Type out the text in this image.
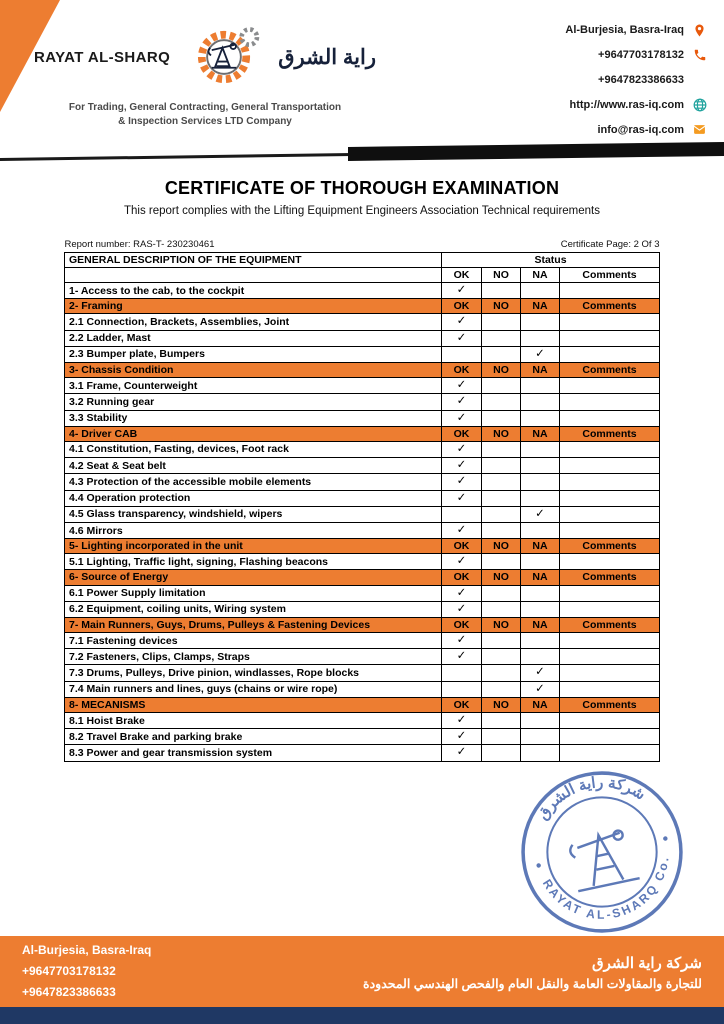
RAYAT AL-SHARQ	راية الشرق
For Trading, General Contracting, General Transportation
& Inspection Services LTD Company
Al-Burjesia, Basra-Iraq
+9647703178132
+9647823386633
http://www.ras-iq.com
info@ras-iq.com
CERTIFICATE OF THOROUGH EXAMINATION
This report complies with the Lifting Equipment Engineers Association Technical requirements
Report number: RAS-T- 230230461	Certificate Page: 2 Of 3
GENERAL DESCRIPTION OF THE EQUIPMENT	Status			
	OK	NO	NA	Comments
1- Access to the cab, to the cockpit	✓			
2- Framing	OK	NO	NA	Comments
2.1 Connection, Brackets, Assemblies, Joint	✓			
2.2 Ladder, Mast	✓			
2.3 Bumper plate, Bumpers			✓	
3- Chassis Condition	OK	NO	NA	Comments
3.1 Frame, Counterweight	✓			
3.2 Running gear	✓			
3.3 Stability	✓			
4- Driver CAB	OK	NO	NA	Comments
4.1 Constitution, Fasting, devices, Foot rack	✓			
4.2 Seat & Seat belt	✓			
4.3 Protection of the accessible mobile elements	✓			
4.4 Operation protection	✓			
4.5 Glass transparency, windshield, wipers			✓	
4.6 Mirrors	✓			
5- Lighting incorporated in the unit	OK	NO	NA	Comments
5.1 Lighting, Traffic light, signing, Flashing beacons	✓			
6- Source of Energy	OK	NO	NA	Comments
6.1 Power Supply limitation	✓			
6.2 Equipment, coiling units, Wiring system	✓			
7- Main Runners, Guys, Drums, Pulleys & Fastening Devices	OK	NO	NA	Comments
7.1 Fastening devices	✓			
7.2 Fasteners, Clips, Clamps, Straps	✓			
7.3 Drums, Pulleys, Drive pinion, windlasses, Rope blocks			✓	
7.4 Main runners and lines, guys (chains or wire rope)			✓	
8- MECANISMS	OK	NO	NA	Comments
8.1 Hoist Brake	✓			
8.2 Travel Brake and parking brake	✓			
8.3 Power and gear transmission system	✓			
شركة راية الشرق
RAYAT AL-SHARQ Co.
Al-Burjesia, Basra-Iraq
+9647703178132
+9647823386633
شركة راية الشرق
للتجارة والمقاولات العامة والنقل العام والفحص الهندسي المحدودة
